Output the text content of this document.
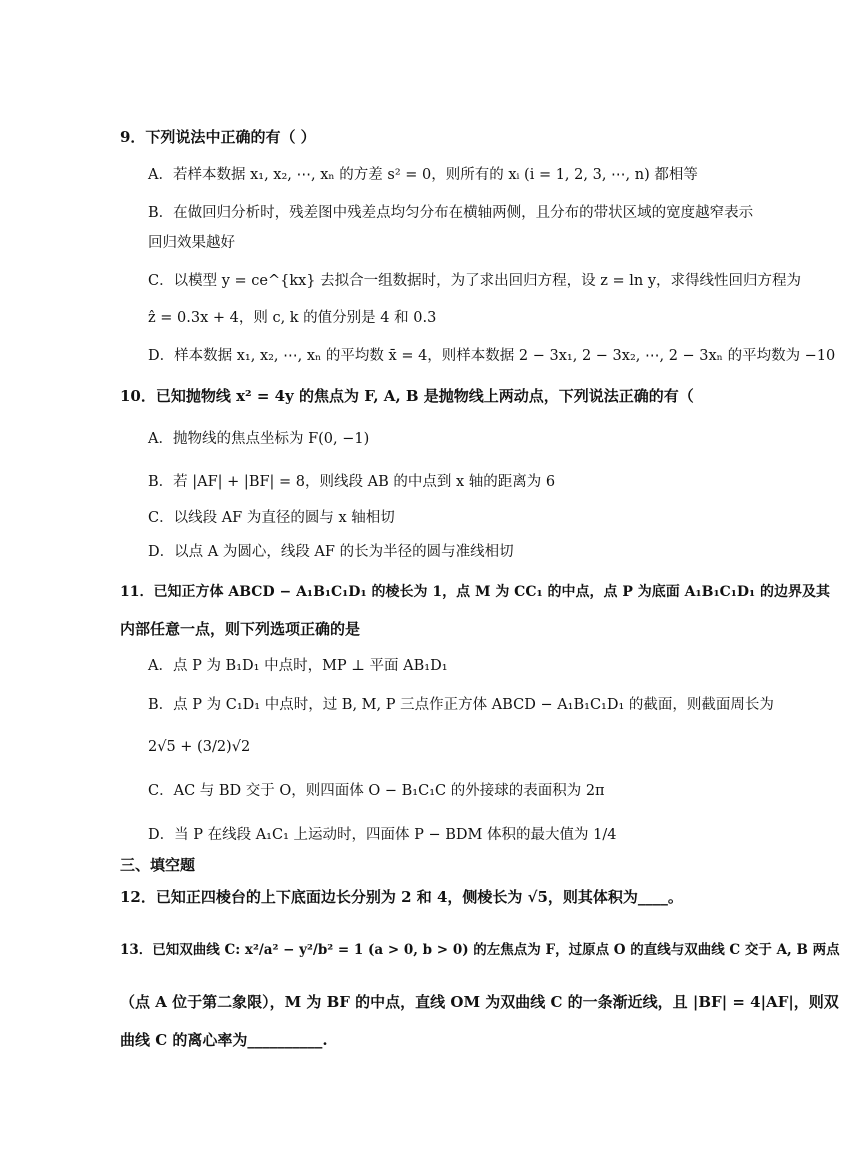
9．下列说法中正确的有（ ）
A．若样本数据 x₁, x₂, ⋯, xₙ 的方差 s² = 0，则所有的 xᵢ (i = 1, 2, 3, ⋯, n) 都相等
B．在做回归分析时，残差图中残差点均匀分布在横轴两侧，且分布的带状区域的宽度越窄表示
回归效果越好
C．以模型 y = ce^{kx} 去拟合一组数据时，为了求出回归方程，设 z = ln y，求得线性回归方程为
ẑ = 0.3x + 4，则 c, k 的值分别是 4 和 0.3
D．样本数据 x₁, x₂, ⋯, xₙ 的平均数 x̄ = 4，则样本数据 2 − 3x₁, 2 − 3x₂, ⋯, 2 − 3xₙ 的平均数为 −10
10．已知抛物线 x² = 4y 的焦点为 F, A, B 是抛物线上两动点，下列说法正确的有（
A．抛物线的焦点坐标为 F(0, −1)
B．若 |AF| + |BF| = 8，则线段 AB 的中点到 x 轴的距离为 6
C．以线段 AF 为直径的圆与 x 轴相切
D．以点 A 为圆心，线段 AF 的长为半径的圆与准线相切
11．已知正方体 ABCD − A₁B₁C₁D₁ 的棱长为 1，点 M 为 CC₁ 的中点，点 P 为底面 A₁B₁C₁D₁ 的边界及其
内部任意一点，则下列选项正确的是
A．点 P 为 B₁D₁ 中点时，MP ⊥ 平面 AB₁D₁
B．点 P 为 C₁D₁ 中点时，过 B, M, P 三点作正方体 ABCD − A₁B₁C₁D₁ 的截面，则截面周长为
2√5 + (3/2)√2
C．AC 与 BD 交于 O，则四面体 O − B₁C₁C 的外接球的表面积为 2π
D．当 P 在线段 A₁C₁ 上运动时，四面体 P − BDM 体积的最大值为 1/4
三、填空题
12．已知正四棱台的上下底面边长分别为 2 和 4，侧棱长为 √5，则其体积为____。
13．已知双曲线 C: x²/a² − y²/b² = 1 (a > 0, b > 0) 的左焦点为 F，过原点 O 的直线与双曲线 C 交于 A, B 两点
（点 A 位于第二象限），M 为 BF 的中点，直线 OM 为双曲线 C 的一条渐近线，且 |BF| = 4|AF|，则双
曲线 C 的离心率为__________.
